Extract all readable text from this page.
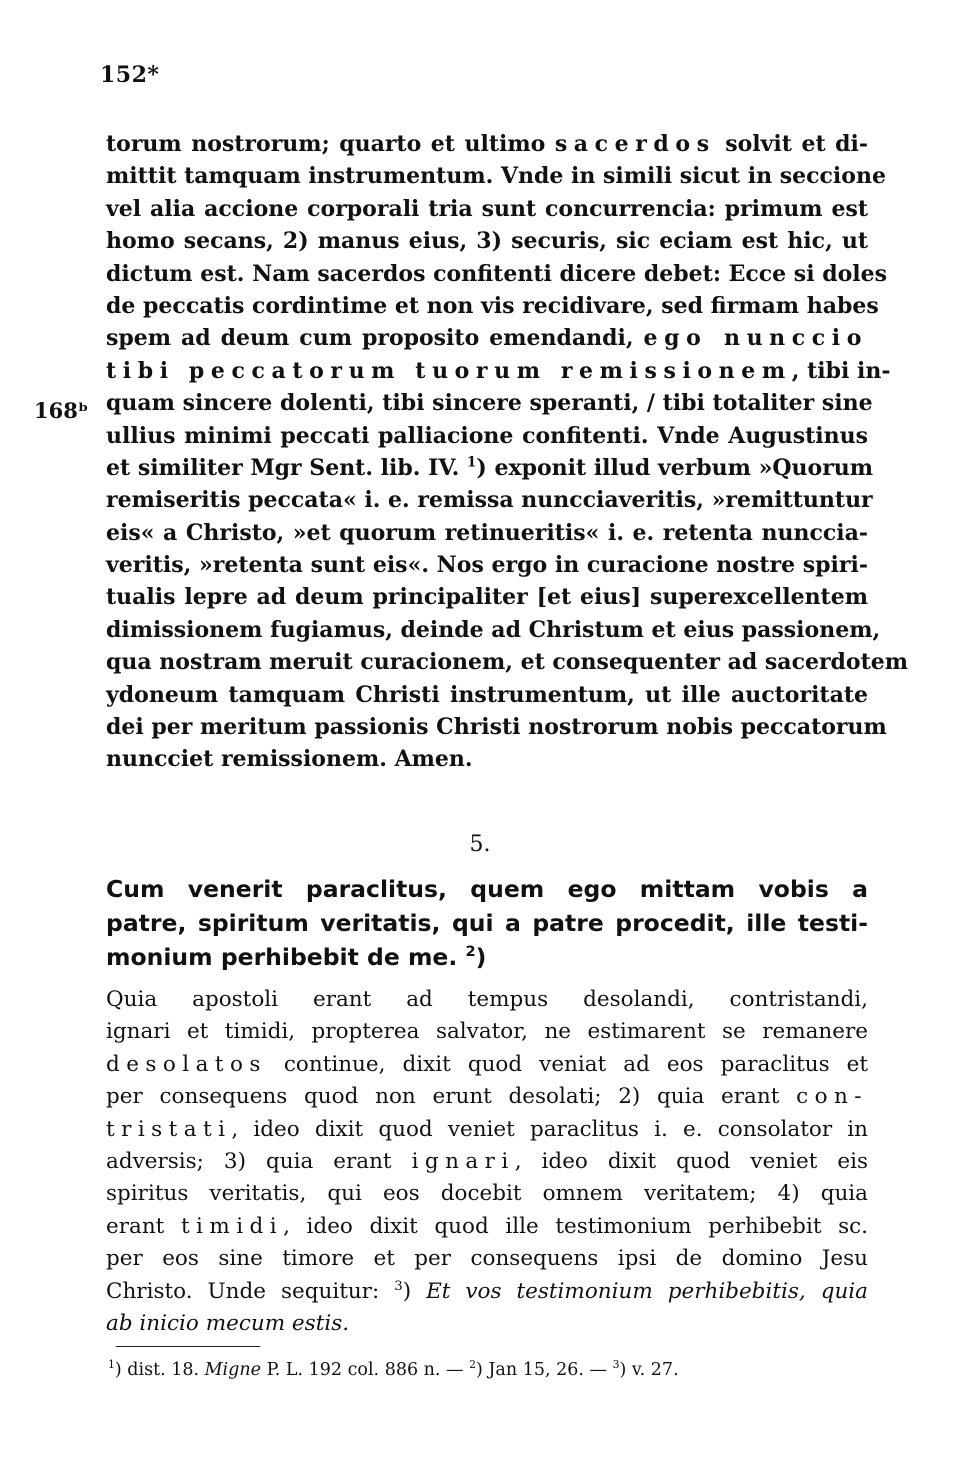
152*
168ᵇ
torum nostrorum; quarto et ultimo sacerdos solvit et di-
mittit tamquam instrumentum. Vnde in simili sicut in seccione
vel alia accione corporali tria sunt concurrencia: primum est
homo secans, 2) manus eius, 3) securis, sic eciam est hic, ut
dictum est. Nam sacerdos confitenti dicere debet: Ecce si doles
de peccatis cordintime et non vis recidivare, sed firmam habes
spem ad deum cum proposito emendandi, ego nunccio
tibi peccatorum tuorum remissionem, tibi in-
quam sincere dolenti, tibi sincere speranti, / tibi totaliter sine
ullius minimi peccati palliacione confitenti. Vnde Augustinus
et similiter Mgr Sent. lib. IV. $^1$) exponit illud verbum »Quorum
remiseritis peccata« i. e. remissa nuncciaveritis, »remittuntur
eis« a Christo, »et quorum retinueritis« i. e. retenta nunccia-
veritis, »retenta sunt eis«. Nos ergo in curacione nostre spiri-
tualis lepre ad deum principaliter [et eius] superexcellentem
dimissionem fugiamus, deinde ad Christum et eius passionem,
qua nostram meruit curacionem, et consequenter ad sacerdotem
ydoneum tamquam Christi instrumentum, ut ille auctoritate
dei per meritum passionis Christi nostrorum nobis peccatorum
nuncciet remissionem. Amen.
5.
Cum venerit paraclitus, quem ego mittam vobis a
patre, spiritum veritatis, qui a patre procedit, ille testi-
monium perhibebit de me. $^2$)
Quia apostoli erant ad tempus desolandi, contristandi,
ignari et timidi, propterea salvator, ne estimarent se remanere
desolatos continue, dixit quod veniat ad eos paraclitus et
per consequens quod non erunt desolati; 2) quia erant con-
tristati, ideo dixit quod veniet paraclitus i. e. consolator in
adversis; 3) quia erant ignari, ideo dixit quod veniet eis
spiritus veritatis, qui eos docebit omnem veritatem; 4) quia
erant timidi, ideo dixit quod ille testimonium perhibebit sc.
per eos sine timore et per consequens ipsi de domino Jesu
Christo. Unde sequitur: $^3$) Et vos testimonium perhibebitis, quia
ab inicio mecum estis.
$^1$) dist. 18. Migne P. L. 192 col. 886 n. — $^2$) Jan 15, 26. — $^3$) v. 27.
